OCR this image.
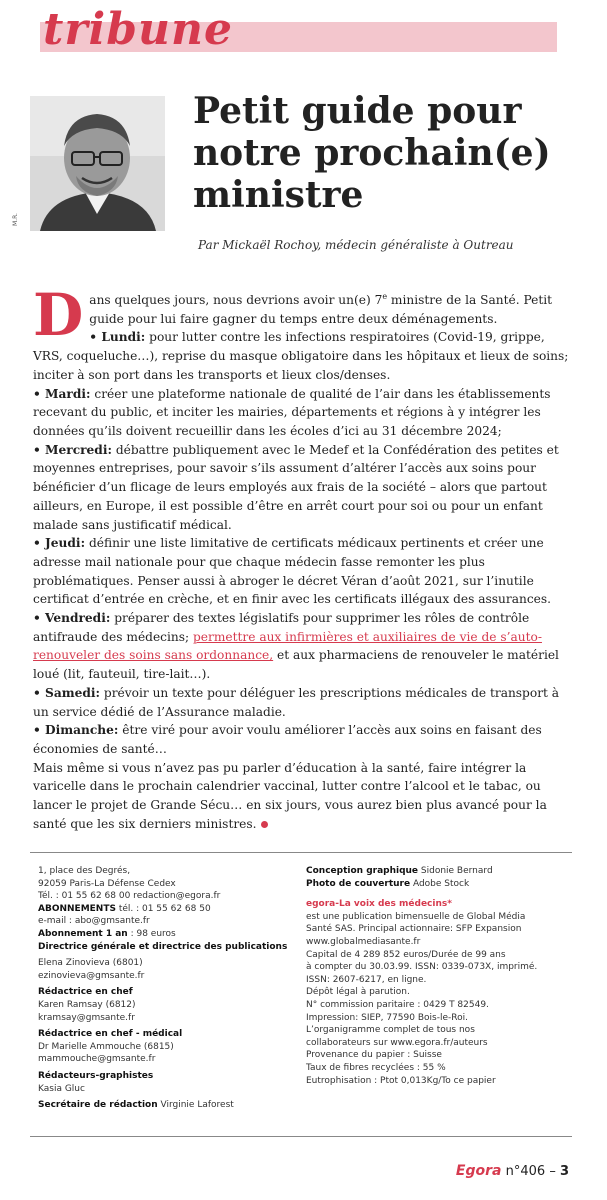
tribune
M.R.
Petit guide pour notre prochain(e) ministre
Par Mickaël Rochoy, médecin généraliste à Outreau
D ans quelques jours, nous devrions avoir un(e) 7e ministre de la Santé. Petit guide pour lui faire gagner du temps entre deux déménagements.
• Lundi: pour lutter contre les infections respiratoires (Covid-19, grippe, VRS, coqueluche…), reprise du masque obligatoire dans les hôpitaux et lieux de soins; inciter à son port dans les transports et lieux clos/denses.

• Mardi: créer une plateforme nationale de qualité de l’air dans les établissements recevant du public, et inciter les mairies, départements et régions à y intégrer les données qu’ils doivent recueillir dans les écoles d’ici au 31 décembre 2024;

• Mercredi: débattre publiquement avec le Medef et la Confédération des petites et moyennes entreprises, pour savoir s’ils assument d’altérer l’accès aux soins pour bénéficier d’un flicage de leurs employés aux frais de la société – alors que partout ailleurs, en Europe, il est possible d’être en arrêt court pour soi ou pour un enfant malade sans justificatif médical.

• Jeudi: définir une liste limitative de certificats médicaux pertinents et créer une adresse mail nationale pour que chaque médecin fasse remonter les plus problématiques. Penser aussi à abroger le décret Véran d’août 2021, sur l’inutile certificat d’entrée en crèche, et en finir avec les certificats illégaux des assurances.

• Vendredi: préparer des textes législatifs pour supprimer les rôles de contrôle antifraude des médecins; permettre aux infirmières et auxiliaires de vie de s’auto-renouveler des soins sans ordonnance, et aux pharmaciens de renouveler le matériel loué (lit, fauteuil, tire-lait…).

• Samedi: prévoir un texte pour déléguer les prescriptions médicales de transport à un service dédié de l’Assurance maladie.

• Dimanche: être viré pour avoir voulu améliorer l’accès aux soins en faisant des économies de santé…

Mais même si vous n’avez pas pu parler d’éducation à la santé, faire intégrer la varicelle dans le prochain calendrier vaccinal, lutter contre l’alcool et le tabac, ou lancer le projet de Grande Sécu… en six jours, vous aurez bien plus avancé pour la santé que les six derniers ministres.

1, place des Degrés,
92059 Paris-La Défense Cedex
Tél. : 01 55 62 68 00 redaction@egora.fr
ABONNEMENTS tél. : 01 55 62 68 50
e-mail : abo@gmsante.fr
Abonnement 1 an : 98 euros
Directrice générale et directrice des publications
Elena Zinovieva (6801)
ezinovieva@gmsante.fr
Rédactrice en chef
Karen Ramsay (6812)
kramsay@gmsante.fr
Rédactrice en chef - médical
Dr Marielle Ammouche (6815)
mammouche@gmsante.fr
Rédacteurs-graphistes
Kasia Gluc
Secrétaire de rédaction Virginie Laforest
Conception graphique Sidonie Bernard
Photo de couverture Adobe Stock
egora-La voix des médecins*
est une publication bimensuelle de Global Média
Santé SAS. Principal actionnaire: SFP Expansion
www.globalmediasante.fr
Capital de 4 289 852 euros/Durée de 99 ans
à compter du 30.03.99. ISSN: 0339-073X, imprimé.
ISSN: 2607-6217, en ligne.
Dépôt légal à parution.
N° commission paritaire : 0429 T 82549.
Impression: SIEP, 77590 Bois-le-Roi.
L’organigramme complet de tous nos
collaborateurs sur www.egora.fr/auteurs
Provenance du papier : Suisse
Taux de fibres recyclées : 55 %
Eutrophisation : Ptot 0,013Kg/To ce papier
Egora n°406 – 3
